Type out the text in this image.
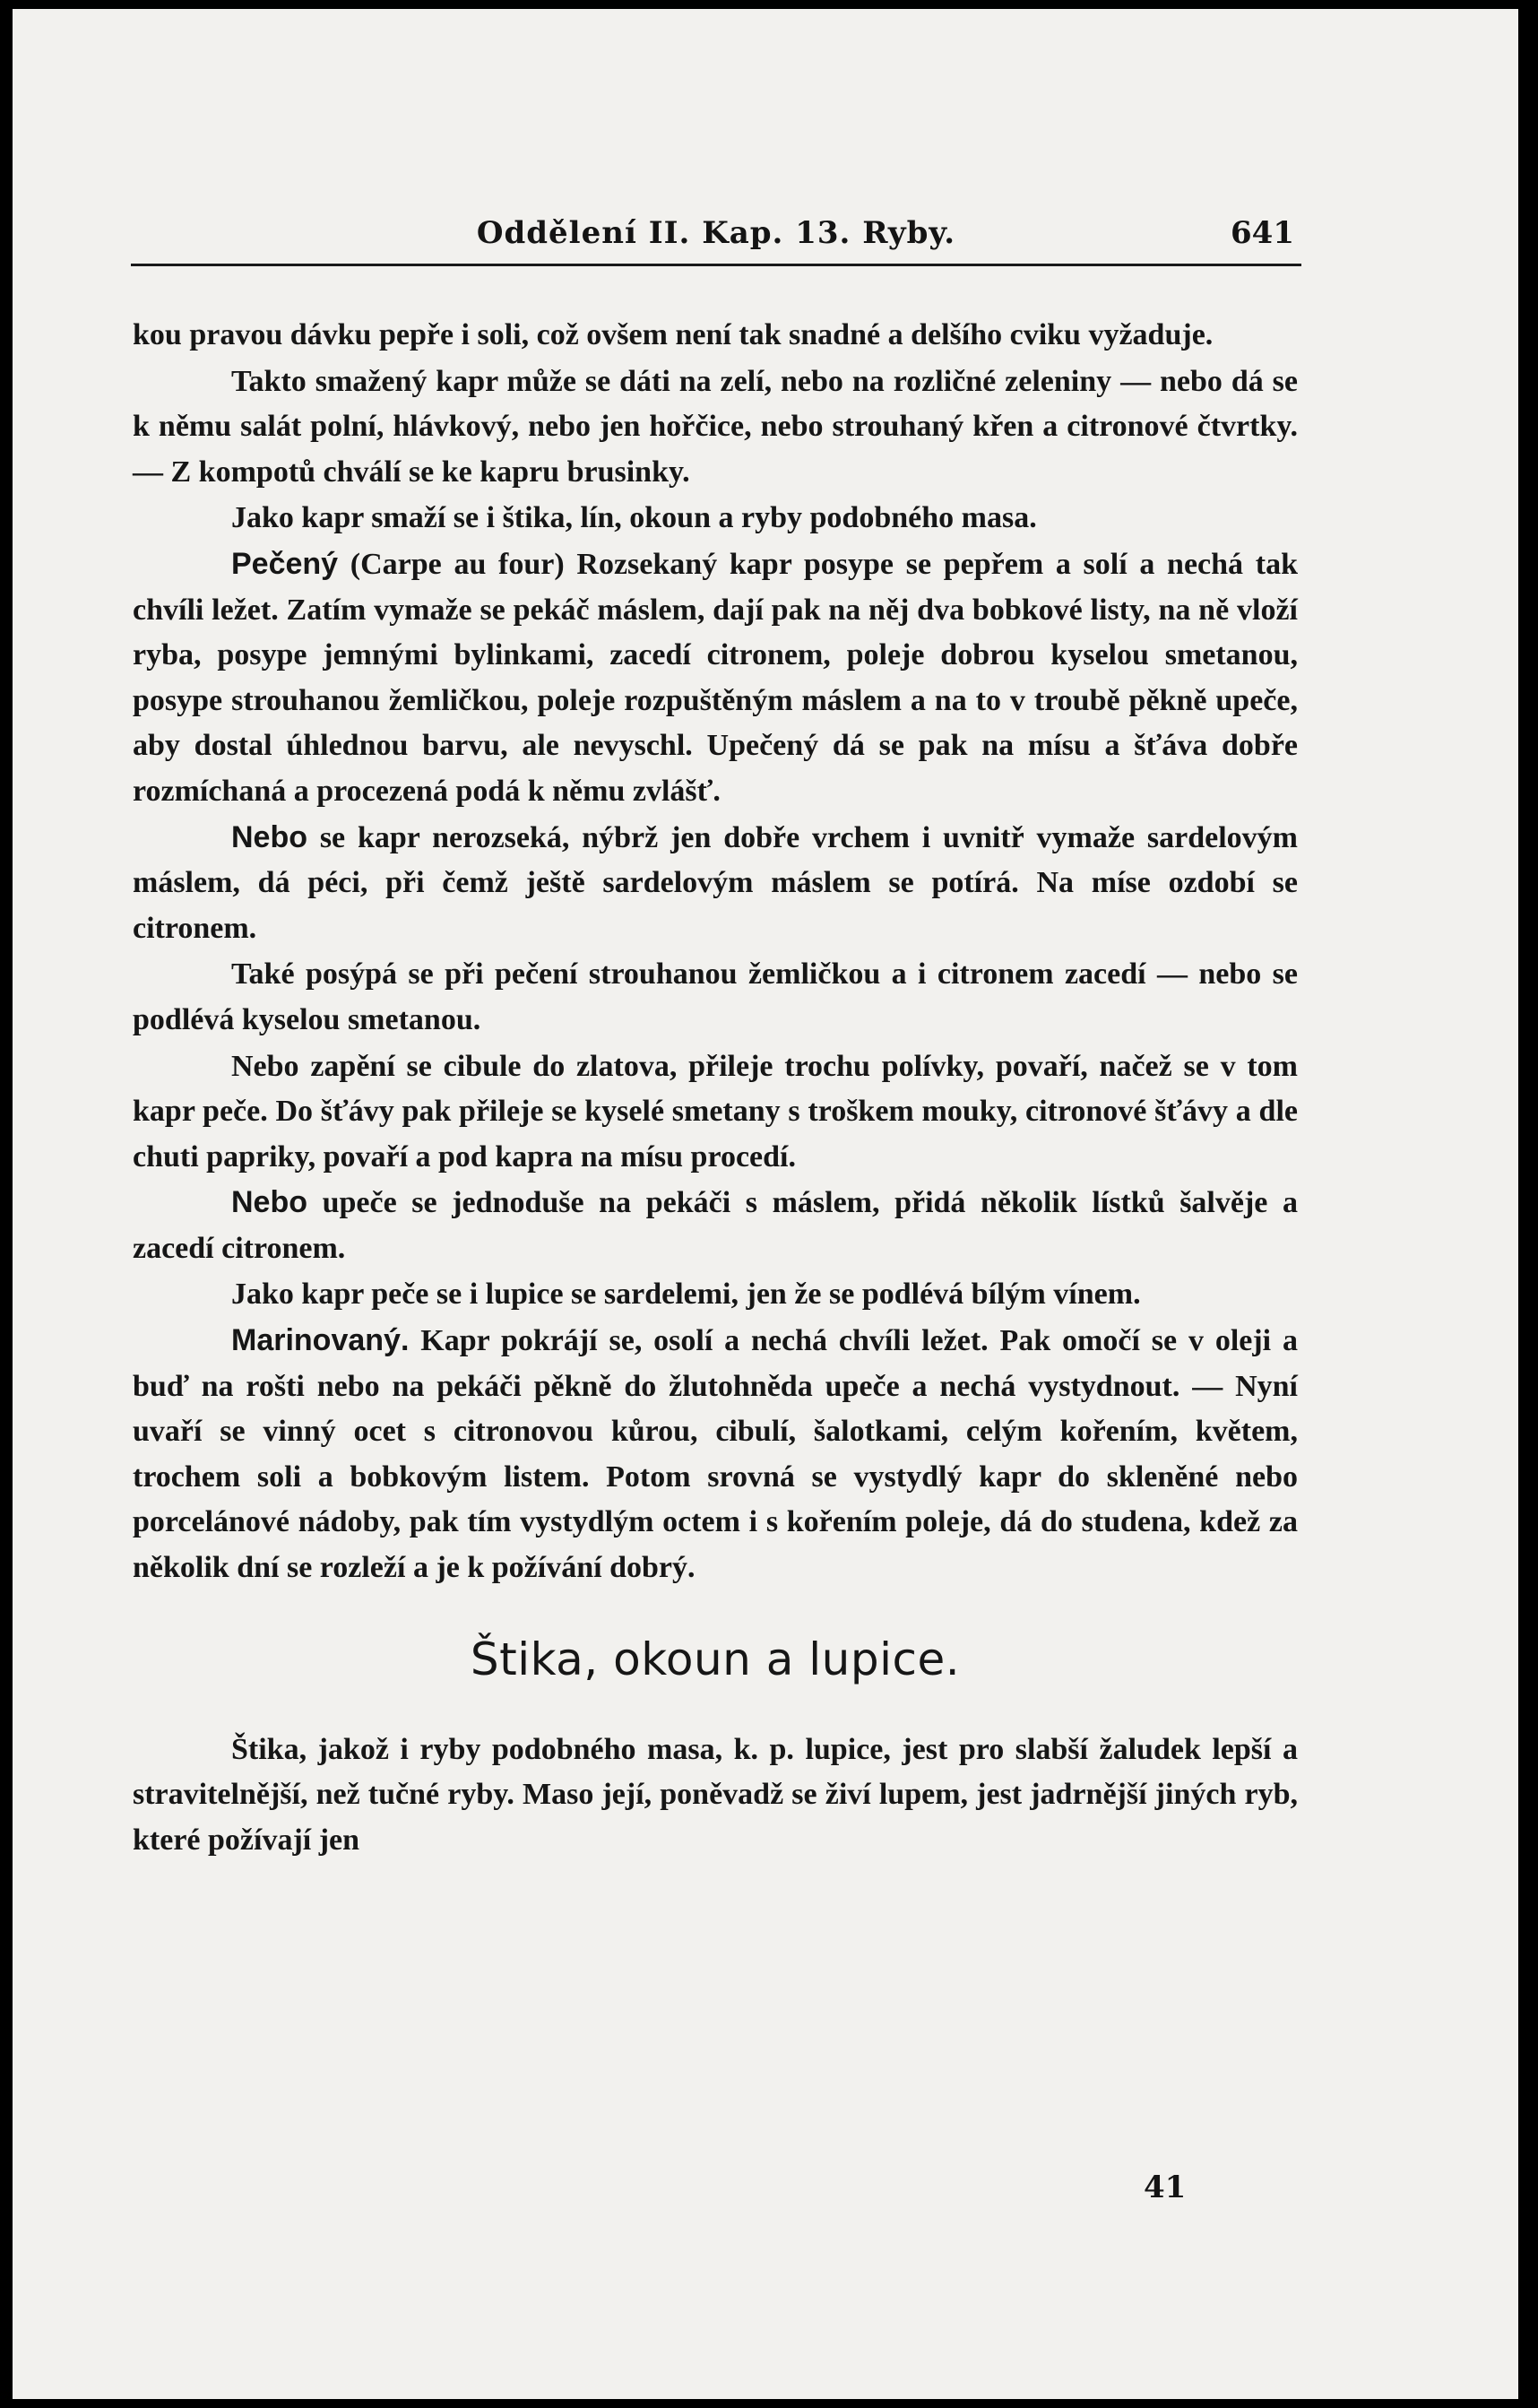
Oddělení II. Kap. 13. Ryby.	641

kou pravou dávku pepře i soli, což ovšem není tak snadné a delšího cviku vyžaduje.

Takto smažený kapr může se dáti na zelí, nebo na rozličné zeleniny — nebo dá se k němu salát polní, hlávkový, nebo jen hořčice, nebo strouhaný křen a citronové čtvrtky. — Z kompotů chválí se ke kapru brusinky.

Jako kapr smaží se i štika, lín, okoun a ryby podobného masa.

Pečený (Carpe au four) Rozsekaný kapr posype se pepřem a solí a nechá tak chvíli ležet. Zatím vymaže se pekáč máslem, dají pak na něj dva bobkové listy, na ně vloží ryba, posype jemnými bylinkami, zacedí citronem, poleje dobrou kyselou smetanou, posype strouhanou žemličkou, poleje rozpuštěným máslem a na to v troubě pěkně upeče, aby dostal úhlednou barvu, ale nevyschl. Upečený dá se pak na mísu a šťáva dobře rozmíchaná a procezená podá k němu zvlášť.

Nebo se kapr nerozseká, nýbrž jen dobře vrchem i uvnitř vymaže sardelovým máslem, dá péci, při čemž ještě sardelovým máslem se potírá. Na míse ozdobí se citronem.

Také posýpá se při pečení strouhanou žemličkou a i citronem zacedí — nebo se podlévá kyselou smetanou.

Nebo zapění se cibule do zlatova, přileje trochu polívky, povaří, načež se v tom kapr peče. Do šťávy pak přileje se kyselé smetany s troškem mouky, citronové šťávy a dle chuti papriky, povaří a pod kapra na mísu procedí.

Nebo upeče se jednoduše na pekáči s máslem, přidá několik lístků šalvěje a zacedí citronem.

Jako kapr peče se i lupice se sardelemi, jen že se podlévá bílým vínem.

Marinovaný. Kapr pokrájí se, osolí a nechá chvíli ležet. Pak omočí se v oleji a buď na rošti nebo na pekáči pěkně do žlutohněda upeče a nechá vystydnout. — Nyní uvaří se vinný ocet s citronovou kůrou, cibulí, šalotkami, celým kořením, květem, trochem soli a bobkovým listem. Potom srovná se vystydlý kapr do skleněné nebo porcelánové nádoby, pak tím vystydlým octem i s kořením poleje, dá do studena, kdež za několik dní se rozleží a je k požívání dobrý.

Štika, okoun a lupice.

Štika, jakož i ryby podobného masa, k. p. lupice, jest pro slabší žaludek lepší a stravitelnější, než tučné ryby. Maso její, poněvadž se živí lupem, jest jadrnější jiných ryb, které požívají jen

41
